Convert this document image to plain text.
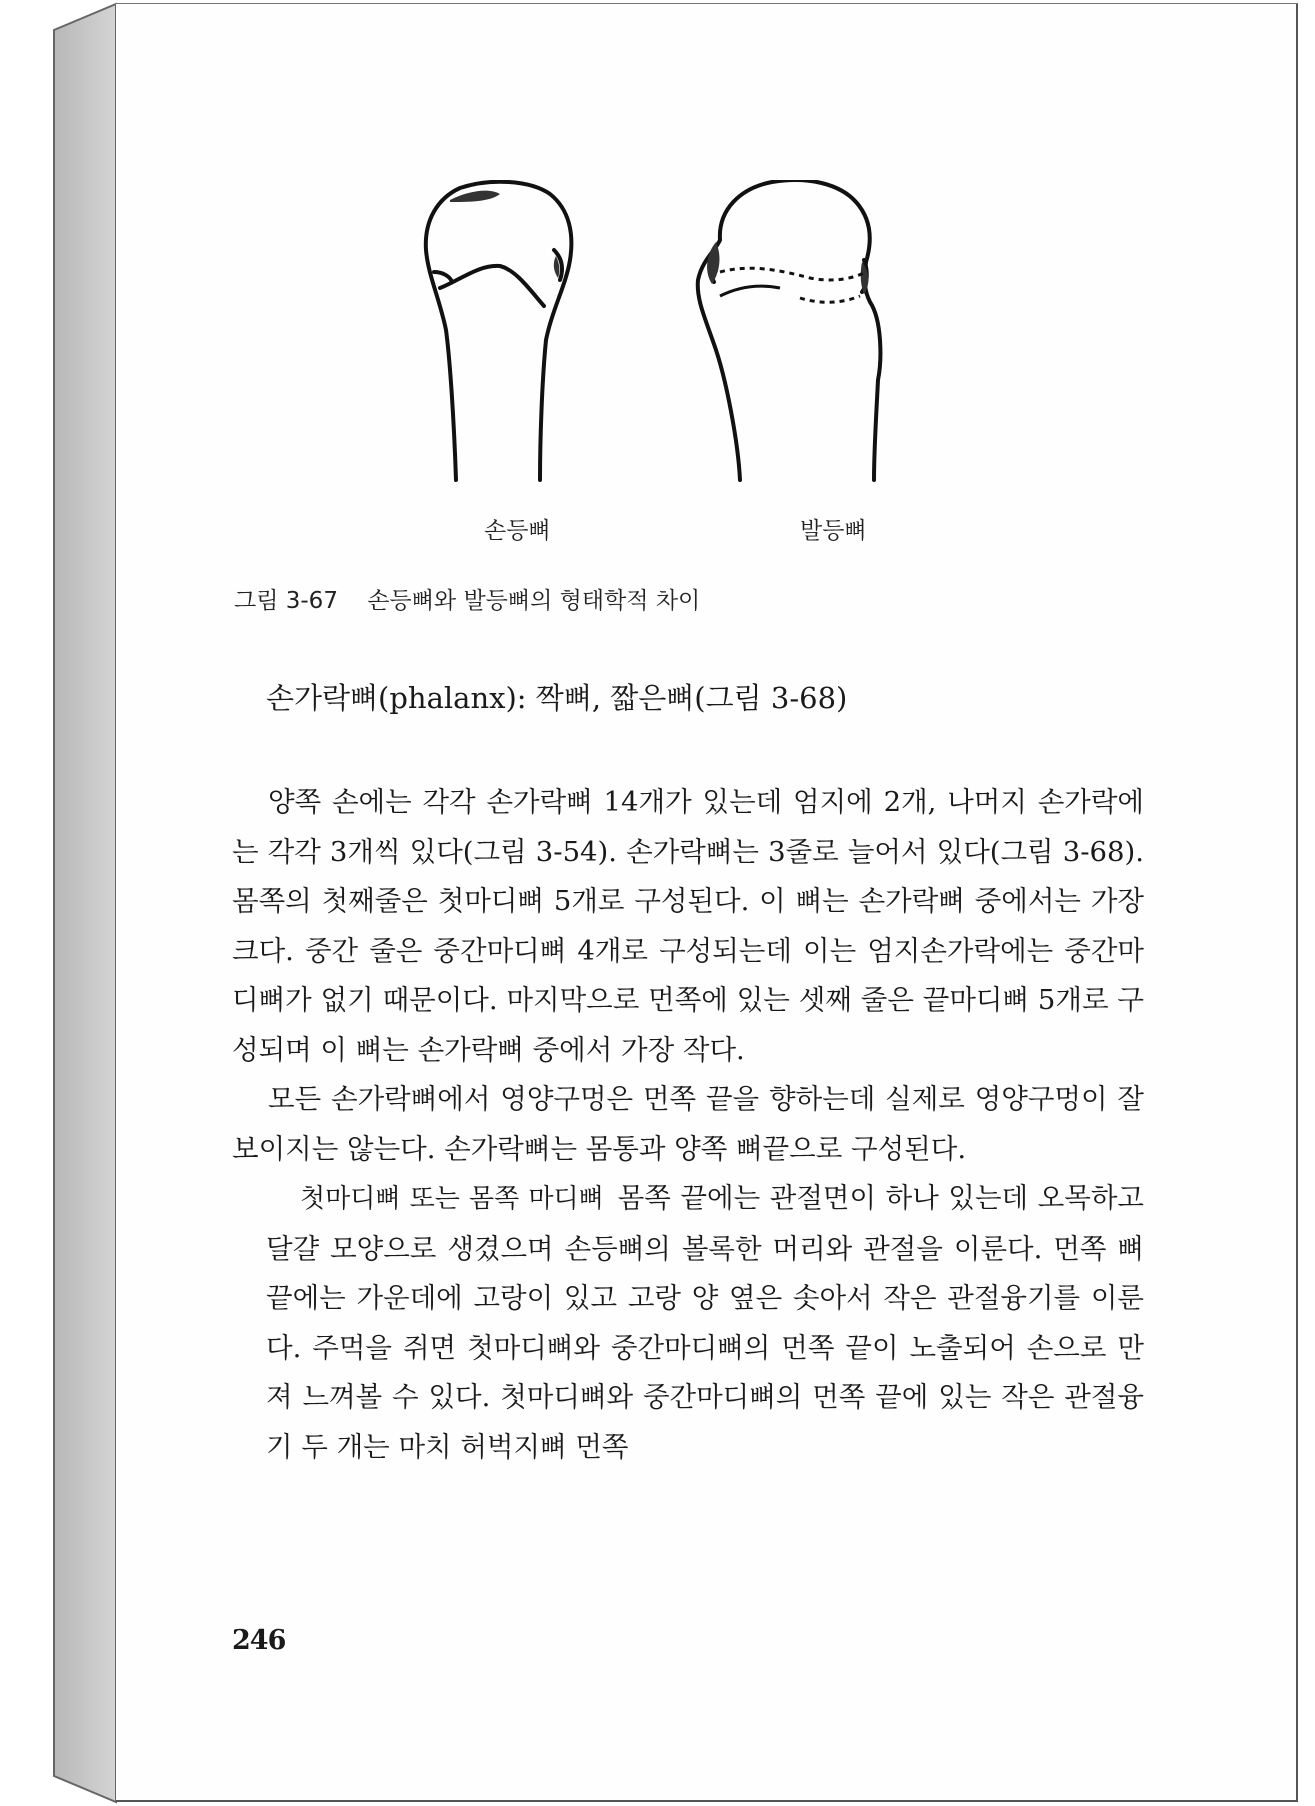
손등뼈	발등뼈
그림 3-67 손등뼈와 발등뼈의 형태학적 차이
손가락뼈(phalanx): 짝뼈, 짧은뼈(그림 3-68)

양쪽 손에는 각각 손가락뼈 14개가 있는데 엄지에 2개, 나머지 손가락에는 각각 3개씩 있다(그림 3-54). 손가락뼈는 3줄로 늘어서 있다(그림 3-68). 몸쪽의 첫째줄은 첫마디뼈 5개로 구성된다. 이 뼈는 손가락뼈 중에서는 가장 크다. 중간 줄은 중간마디뼈 4개로 구성되는데 이는 엄지손가락에는 중간마디뼈가 없기 때문이다. 마지막으로 먼쪽에 있는 셋째 줄은 끝마디뼈 5개로 구성되며 이 뼈는 손가락뼈 중에서 가장 작다.

모든 손가락뼈에서 영양구멍은 먼쪽 끝을 향하는데 실제로 영양구멍이 잘 보이지는 않는다. 손가락뼈는 몸통과 양쪽 뼈끝으로 구성된다.

첫마디뼈 또는 몸쪽 마디뼈 몸쪽 끝에는 관절면이 하나 있는데 오목하고 달걀 모양으로 생겼으며 손등뼈의 볼록한 머리와 관절을 이룬다. 먼쪽 뼈끝에는 가운데에 고랑이 있고 고랑 양 옆은 솟아서 작은 관절융기를 이룬다. 주먹을 쥐면 첫마디뼈와 중간마디뼈의 먼쪽 끝이 노출되어 손으로 만져 느껴볼 수 있다. 첫마디뼈와 중간마디뼈의 먼쪽 끝에 있는 작은 관절융기 두 개는 마치 허벅지뼈 먼쪽

246
